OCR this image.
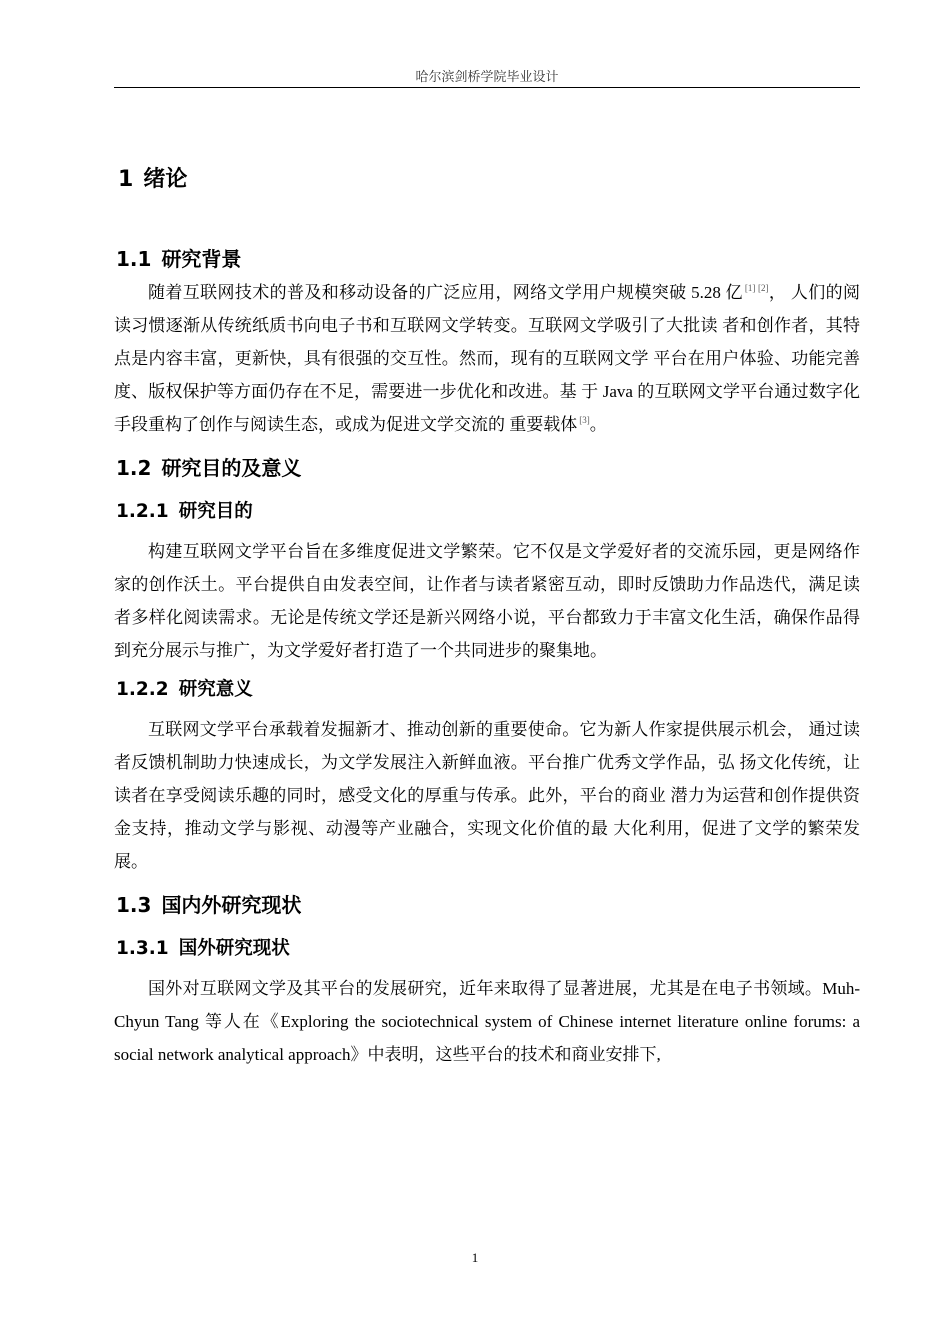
哈尔滨剑桥学院毕业设计
1 绪论
1.1 研究背景

随着互联网技术的普及和移动设备的广泛应用，网络文学用户规模突破 5.28 亿 [1] [2]， 人们的阅读习惯逐渐从传统纸质书向电子书和互联网文学转变。互联网文学吸引了大批读 者和创作者，其特点是内容丰富，更新快，具有很强的交互性。然而，现有的互联网文学 平台在用户体验、功能完善度、版权保护等方面仍存在不足，需要进一步优化和改进。基 于 Java 的互联网文学平台通过数字化手段重构了创作与阅读生态，或成为促进文学交流的 重要载体 [3]。

1.2 研究目的及意义
1.2.1 研究目的

构建互联网文学平台旨在多维度促进文学繁荣。它不仅是文学爱好者的交流乐园，更是网络作家的创作沃土。平台提供自由发表空间，让作者与读者紧密互动，即时反馈助力作品迭代，满足读者多样化阅读需求。无论是传统文学还是新兴网络小说，平台都致力于丰富文化生活，确保作品得到充分展示与推广，为文学爱好者打造了一个共同进步的聚集地。

1.2.2 研究意义

互联网文学平台承载着发掘新才、推动创新的重要使命。它为新人作家提供展示机会， 通过读者反馈机制助力快速成长，为文学发展注入新鲜血液。平台推广优秀文学作品，弘 扬文化传统，让读者在享受阅读乐趣的同时，感受文化的厚重与传承。此外，平台的商业 潜力为运营和创作提供资金支持，推动文学与影视、动漫等产业融合，实现文化价值的最 大化利用，促进了文学的繁荣发展。

1.3 国内外研究现状
1.3.1 国外研究现状

国外对互联网文学及其平台的发展研究，近年来取得了显著进展，尤其是在电子书领域。Muh-Chyun Tang 等人在《Exploring the sociotechnical system of Chinese internet literature online forums: a social network analytical approach》中表明，这些平台的技术和商业安排下,

1
